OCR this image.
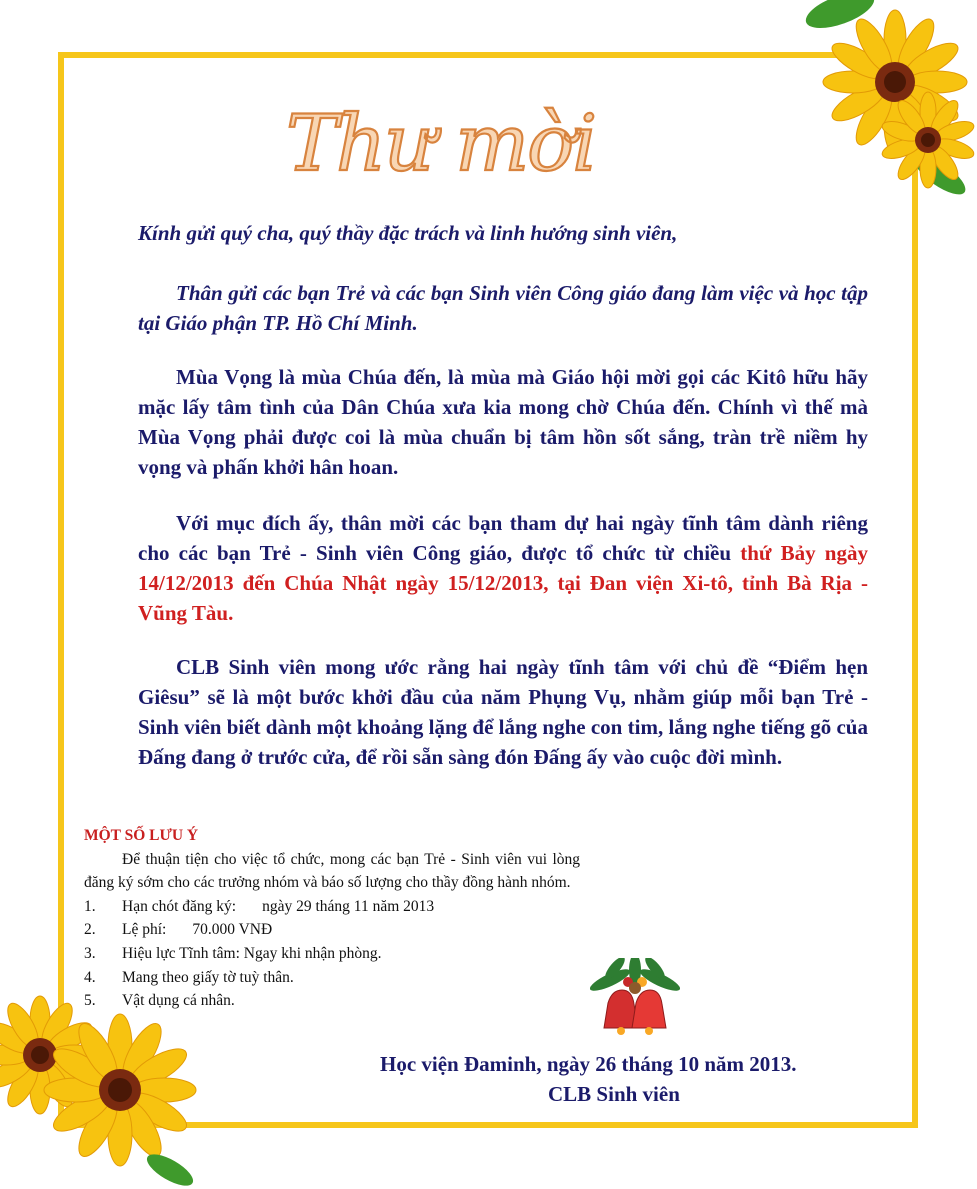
Thư mời

Kính gửi quý cha, quý thầy đặc trách và linh hướng sinh viên,

Thân gửi các bạn Trẻ và các bạn Sinh viên Công giáo đang làm việc và học tập tại Giáo phận TP. Hồ Chí Minh.

Mùa Vọng là mùa Chúa đến, là mùa mà Giáo hội mời gọi các Kitô hữu hãy mặc lấy tâm tình của Dân Chúa xưa kia mong chờ Chúa đến. Chính vì thế mà Mùa Vọng phải được coi là mùa chuẩn bị tâm hồn sốt sắng, tràn trề niềm hy vọng và phấn khởi hân hoan.

Với mục đích ấy, thân mời các bạn tham dự hai ngày tĩnh tâm dành riêng cho các bạn Trẻ - Sinh viên Công giáo, được tổ chức từ chiều thứ Bảy ngày 14/12/2013 đến Chúa Nhật ngày 15/12/2013, tại Đan viện Xi-tô, tỉnh Bà Rịa - Vũng Tàu.

CLB Sinh viên mong ước rằng hai ngày tĩnh tâm với chủ đề “Điểm hẹn Giêsu” sẽ là một bước khởi đầu của năm Phụng Vụ, nhằm giúp mỗi bạn Trẻ - Sinh viên biết dành một khoảng lặng để lắng nghe con tim, lắng nghe tiếng gõ của Đấng đang ở trước cửa, để rồi sẵn sàng đón Đấng ấy vào cuộc đời mình.

MỘT SỐ LƯU Ý

Để thuận tiện cho việc tổ chức, mong các bạn Trẻ - Sinh viên vui lòng đăng ký sớm cho các trưởng nhóm và báo số lượng cho thầy đồng hành nhóm.

1.	Hạn chót đăng ký: ngày 29 tháng 11 năm 2013
2.	Lệ phí: 70.000 VNĐ
3.	Hiệu lực Tĩnh tâm: Ngay khi nhận phòng.
4.	Mang theo giấy tờ tuỳ thân.
5.	Vật dụng cá nhân.
Học viện Đaminh, ngày 26 tháng 10 năm 2013.
CLB Sinh viên
